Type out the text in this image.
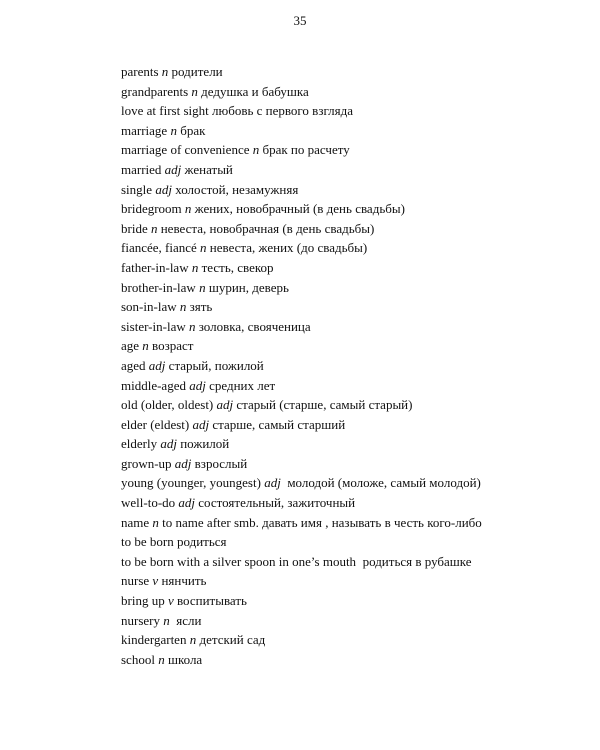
35
parents n родители
grandparents n дедушка и бабушка
love at first sight любовь с первого взгляда
marriage n брак
marriage of convenience n брак по расчету
married adj женатый
single adj холостой, незамужняя
bridegroom n жених, новобрачный (в день свадьбы)
bride n невеста, новобрачная (в день свадьбы)
fiancée, fiancé n невеста, жених (до свадьбы)
father-in-law n тесть, свекор
brother-in-law n шурин, деверь
son-in-law n зять
sister-in-law n золовка, свояченица
age n возраст
aged adj старый, пожилой
middle-aged adj средних лет
old (older, oldest) adj старый (старше, самый старый)
elder (eldest) adj старше, самый старший
elderly adj пожилой
grown-up adj взрослый
young (younger, youngest) adj  молодой (моложе, самый молодой)
well-to-do adj состоятельный, зажиточный
name n to name after smb. давать имя , называть в честь кого-либо
to be born родиться
to be born with a silver spoon in one’s mouth  родиться в рубашке
nurse v нянчить
bring up v воспитывать
nursery n  ясли
kindergarten n детский сад
school n школа
